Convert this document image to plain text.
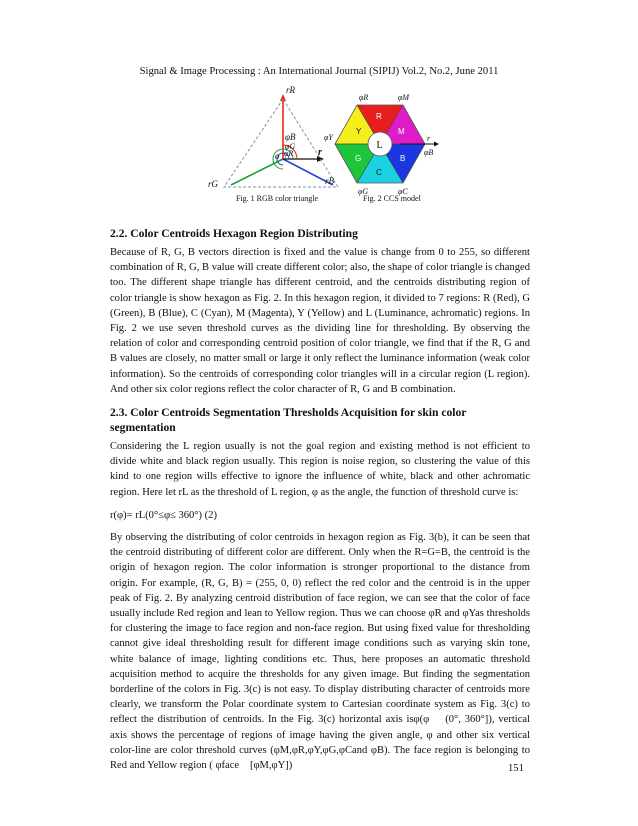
Signal & Image Processing : An International Journal (SIPIJ) Vol.2, No.2, June 2011
rR
rG	rB
o	r
φB
φG
φR
Fig. 1 RGB color triangle
L
R
M
B
C
G
Y
φR	φM
φY
φB
φG	φC
r
Fig. 2 CCS model
2.2. Color Centroids Hexagon Region Distributing

Because of R, G, B vectors direction is fixed and the value is change from 0 to 255, so different combination of R, G, B value will create different color; also, the shape of color triangle is changed too. The different shape triangle has different centroid, and the centroids distributing region of color triangle is show hexagon as Fig. 2. In this hexagon region, it divided to 7 regions: R (Red), G (Green), B (Blue), C (Cyan), M (Magenta), Y (Yellow) and L (Luminance, achromatic) regions. In Fig. 2 we use seven threshold curves as the dividing line for thresholding. By observing the relation of color and corresponding centroid position of color triangle, we find that if the R, G and B values are closely, no matter small or large it only reflect the luminance information (weak color information). So the centroids of corresponding color triangles will in a circular region (L region). And other six color regions reflect the color character of R, G and B combination.

2.3. Color Centroids Segmentation Thresholds Acquisition for skin color segmentation

Considering the L region usually is not the goal region and existing method is not efficient to divide white and black region usually. This region is noise region, so clustering the value of this kind to one region wills effective to ignore the influence of white, black and other achromatic region. Here let rL as the threshold of L region, φ as the angle, the function of threshold curve is:

r(φ)= rL(0°≤φ≤ 360°) (2)

By observing the distributing of color centroids in hexagon region as Fig. 3(b), it can be seen that the centroid distributing of different color are different. Only when the R=G=B, the centroid is the origin of hexagon region. The color information is stronger proportional to the distance from origin. For example, (R, G, B) = (255, 0, 0) reflect the red color and the centroid is in the upper peak of Fig. 2. By analyzing centroid distribution of face region, we can see that the color of face usually include Red region and lean to Yellow region. Thus we can choose φR and φYas thresholds for clustering the image to face region and non-face region. But using fixed value for thresholding cannot give ideal thresholding result for different image conditions such as varying skin tone, white balance of image, lighting conditions etc. Thus, here proposes an automatic threshold acquisition method to acquire the thresholds for any given image. But finding the segmentation borderline of the colors in Fig. 3(c) is not easy. To display distributing character of centroids more clearly, we transform the Polar coordinate system to Cartesian coordinate system as Fig. 3(c) to reflect the distribution of centroids. In the Fig. 3(c) horizontal axis isφ(φ (0°, 360°]), vertical axis shows the percentage of regions of image having the given angle, φ and other six vertical color-line are color threshold curves (φM,φR,φY,φG,φCand φB). The face region is belonging to Red and Yellow region ( φface [φM,φY])	151
